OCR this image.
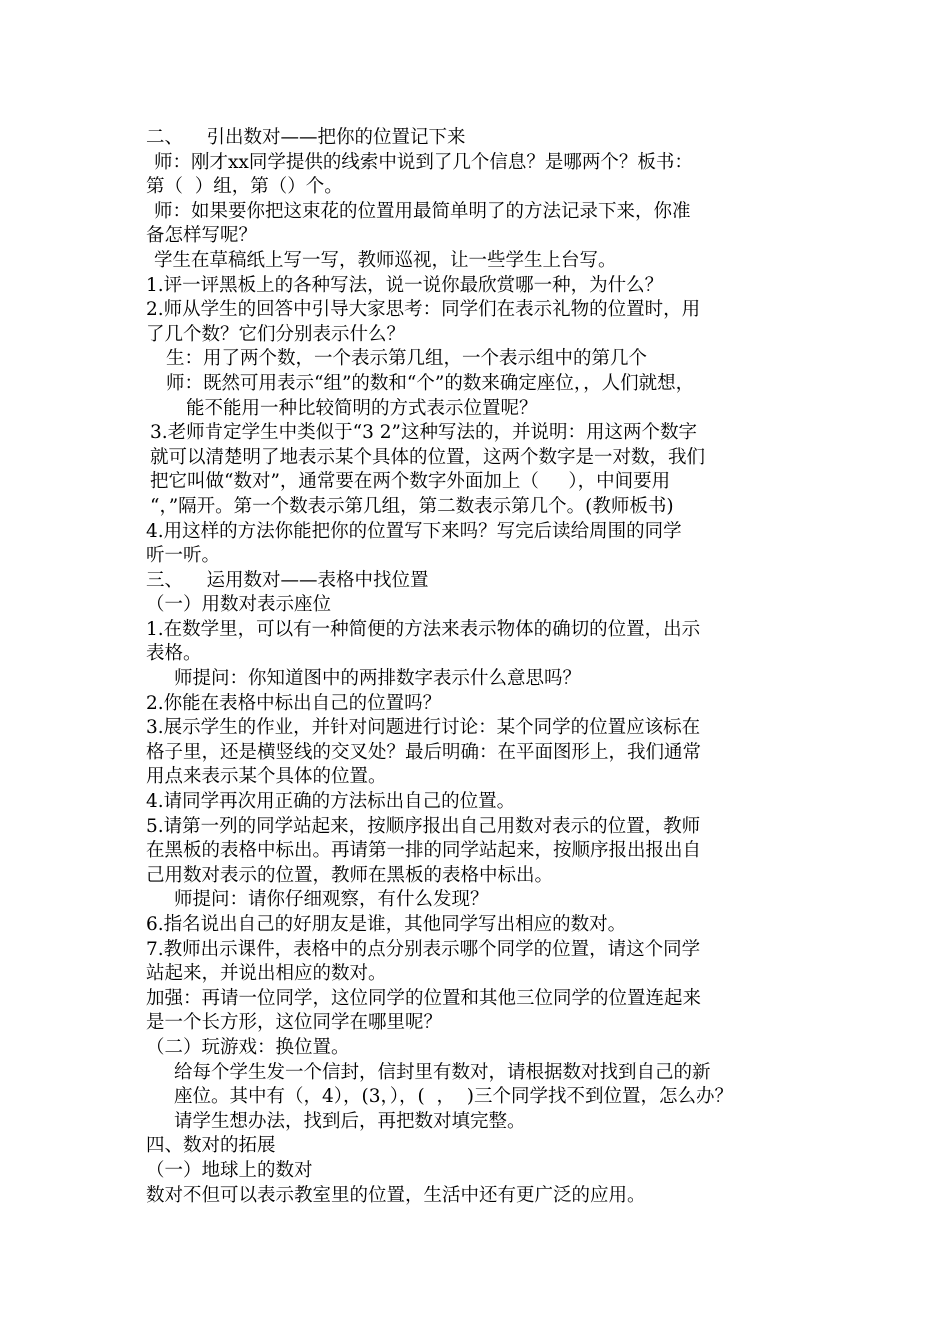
二、    引出数对——把你的位置记下来
师：刚才xx同学提供的线索中说到了几个信息？是哪两个？板书：
第（  ）组，第（）个。
师：如果要你把这束花的位置用最简单明了的方法记录下来，你准
备怎样写呢？
学生在草稿纸上写一写，教师巡视，让一些学生上台写。
1.评一评黑板上的各种写法，说一说你最欣赏哪一种，为什么？
2.师从学生的回答中引导大家思考：同学们在表示礼物的位置时，用
了几个数？它们分别表示什么？
生：用了两个数，一个表示第几组，一个表示组中的第几个
师：既然可用表示“组”的数和“个”的数来确定座位，，人们就想，
能不能用一种比较简明的方式表示位置呢？
3.老师肯定学生中类似于“3 2”这种写法的，并说明：用这两个数字
就可以清楚明了地表示某个具体的位置，这两个数字是一对数，我们
把它叫做“数对”，通常要在两个数字外面加上（     ），中间要用
“，”隔开。第一个数表示第几组，第二数表示第几个。(教师板书)
4.用这样的方法你能把你的位置写下来吗？写完后读给周围的同学
听一听。
三、    运用数对——表格中找位置
（一）用数对表示座位
1.在数学里，可以有一种简便的方法来表示物体的确切的位置，出示
表格。
师提问：你知道图中的两排数字表示什么意思吗？
2.你能在表格中标出自己的位置吗？
3.展示学生的作业，并针对问题进行讨论：某个同学的位置应该标在
格子里，还是横竖线的交叉处？最后明确：在平面图形上，我们通常
用点来表示某个具体的位置。
4.请同学再次用正确的方法标出自己的位置。
5.请第一列的同学站起来，按顺序报出自己用数对表示的位置，教师
在黑板的表格中标出。再请第一排的同学站起来，按顺序报出报出自
己用数对表示的位置，教师在黑板的表格中标出。
师提问：请你仔细观察，有什么发现？
6.指名说出自己的好朋友是谁，其他同学写出相应的数对。
7.教师出示课件，表格中的点分别表示哪个同学的位置，请这个同学
站起来，并说出相应的数对。
加强：再请一位同学，这位同学的位置和其他三位同学的位置连起来
是一个长方形，这位同学在哪里呢？
（二）玩游戏：换位置。
给每个学生发一个信封，信封里有数对，请根据数对找到自己的新
座位。其中有（，4），(3，），(  ，  )三个同学找不到位置，怎么办？
请学生想办法，找到后，再把数对填完整。
四、数对的拓展
（一）地球上的数对
数对不但可以表示教室里的位置，生活中还有更广泛的应用。
